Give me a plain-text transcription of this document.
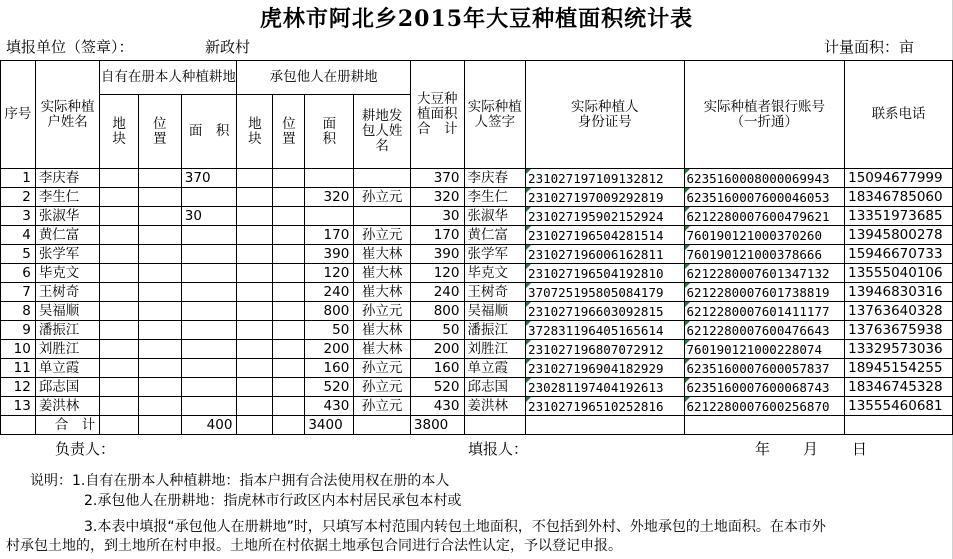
虎林市阿北乡2015年大豆种植面积统计表
填报单位（签章）：	新政村	计量面积：亩
序号	实际种植户姓名	自有在册本人种植耕地			承包他人在册耕地				大豆种植面积合　计	实际种植人签字	实际种植人身份证号	实际种植者银行账号（一折通）	联系电话
		地块	位置	面　积	地块	位置	面积	耕地发包人姓名					
1	李庆春			370					370	李庆春	231027197109132812	6235160008000069943	15094677999
2	李生仁						320	孙立元	320	李生仁	231027197009292819	6235160007600046053	18346785060
3	张淑华			30					30	张淑华	231027195902152924	6212280007600479621	13351973685
4	黄仁富						170	孙立元	170	黄仁富	231027196504281514	760190121000370260	13945800278
5	张学军						390	崔大林	390	张学军	231027196006162811	760190121000378666	15946670733
6	毕克文						120	崔大林	120	毕克文	231027196504192810	6212280007601347132	13555040106
7	王树奇						240	崔大林	240	王树奇	370725195805084179	6212280007601738819	13946830316
8	吴福顺						800	孙立元	800	吴福顺	231027196603092815	6212280007601411177	13763640328
9	潘振江						50	崔大林	50	潘振江	372831196405165614	6212280007600476643	13763675938
10	刘胜江						200	崔大林	200	刘胜江	231027196807072912	760190121000228074	13329573036
11	单立霞						160	孙立元	160	单立霞	231027196904182929	6235160007600057837	18945154255
12	邱志国						520	孙立元	520	邱志国	230281197404192613	6235160007600068743	18346745328
13	姜洪林						430	孙立元	430	姜洪林	231027196510252816	6212280007600256870	13555460681
	合　计			400			3400		3800				
负责人：	填报人：	年 月 日
说明：1.自有在册本人种植耕地：指本户拥有合法使用权在册的本人
2.承包他人在册耕地：指虎林市行政区内本村居民承包本村或
3.本表中填报“承包他人在册耕地”时，只填写本村范围内转包土地面积，不包括到外村、外地承包的土地面积。在本市外
村承包土地的，到土地所在村申报。土地所在村依据土地承包合同进行合法性认定，予以登记申报。
